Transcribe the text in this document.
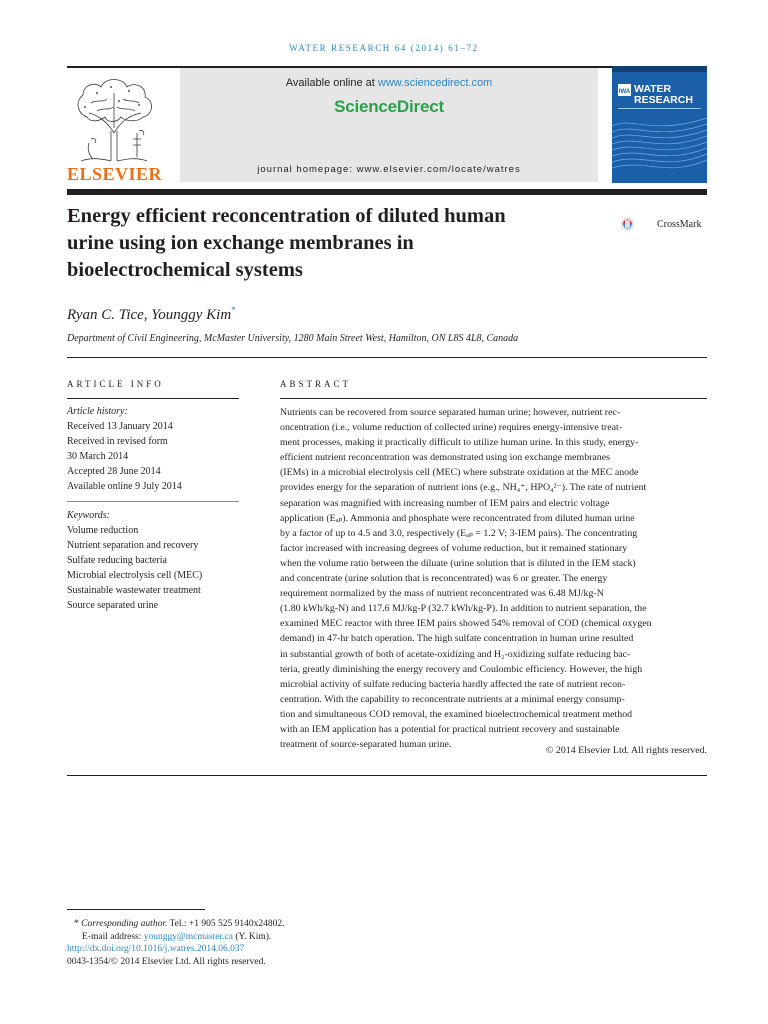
WATER RESEARCH 64 (2014) 61–72
ELSEVIER
Available online at www.sciencedirect.com
ScienceDirect
journal homepage: www.elsevier.com/locate/watres
IWA WATER
RESEARCH
Energy efficient reconcentration of diluted human
urine using ion exchange membranes in
bioelectrochemical systems
CrossMark
Ryan C. Tice, Younggy Kim*
Department of Civil Engineering, McMaster University, 1280 Main Street West, Hamilton, ON L8S 4L8, Canada
ARTICLE INFO
Article history:
Received 13 January 2014
Received in revised form
30 March 2014
Accepted 28 June 2014
Available online 9 July 2014
Keywords:
Volume reduction
Nutrient separation and recovery
Sulfate reducing bacteria
Microbial electrolysis cell (MEC)
Sustainable wastewater treatment
Source separated urine
ABSTRACT

Nutrients can be recovered from source separated human urine; however, nutrient rec-

oncentration (i.e., volume reduction of collected urine) requires energy-intensive treat-

ment processes, making it practically difficult to utilize human urine. In this study, energy-

efficient nutrient reconcentration was demonstrated using ion exchange membranes

(IEMs) in a microbial electrolysis cell (MEC) where substrate oxidation at the MEC anode

provides energy for the separation of nutrient ions (e.g., NH₄⁺, HPO₄²⁻). The rate of nutrient

separation was magnified with increasing number of IEM pairs and electric voltage

application (Eₐₚ). Ammonia and phosphate were reconcentrated from diluted human urine

by a factor of up to 4.5 and 3.0, respectively (Eₐₚ = 1.2 V; 3-IEM pairs). The concentrating

factor increased with increasing degrees of volume reduction, but it remained stationary

when the volume ratio between the diluate (urine solution that is diluted in the IEM stack)

and concentrate (urine solution that is reconcentrated) was 6 or greater. The energy

requirement normalized by the mass of nutrient reconcentrated was 6.48 MJ/kg-N

(1.80 kWh/kg-N) and 117.6 MJ/kg-P (32.7 kWh/kg-P). In addition to nutrient separation, the

examined MEC reactor with three IEM pairs showed 54% removal of COD (chemical oxygen

demand) in 47-hr batch operation. The high sulfate concentration in human urine resulted

in substantial growth of both of acetate-oxidizing and H₂-oxidizing sulfate reducing bac-

teria, greatly diminishing the energy recovery and Coulombic efficiency. However, the high

microbial activity of sulfate reducing bacteria hardly affected the rate of nutrient recon-

centration. With the capability to reconcentrate nutrients at a minimal energy consump-

tion and simultaneous COD removal, the examined bioelectrochemical treatment method

with an IEM application has a potential for practical nutrient recovery and sustainable

treatment of source-separated human urine.

© 2014 Elsevier Ltd. All rights reserved.
* Corresponding author. Tel.: +1 905 525 9140x24802.
E-mail address: younggy@mcmaster.ca (Y. Kim).
http://dx.doi.org/10.1016/j.watres.2014.06.037
0043-1354/© 2014 Elsevier Ltd. All rights reserved.
